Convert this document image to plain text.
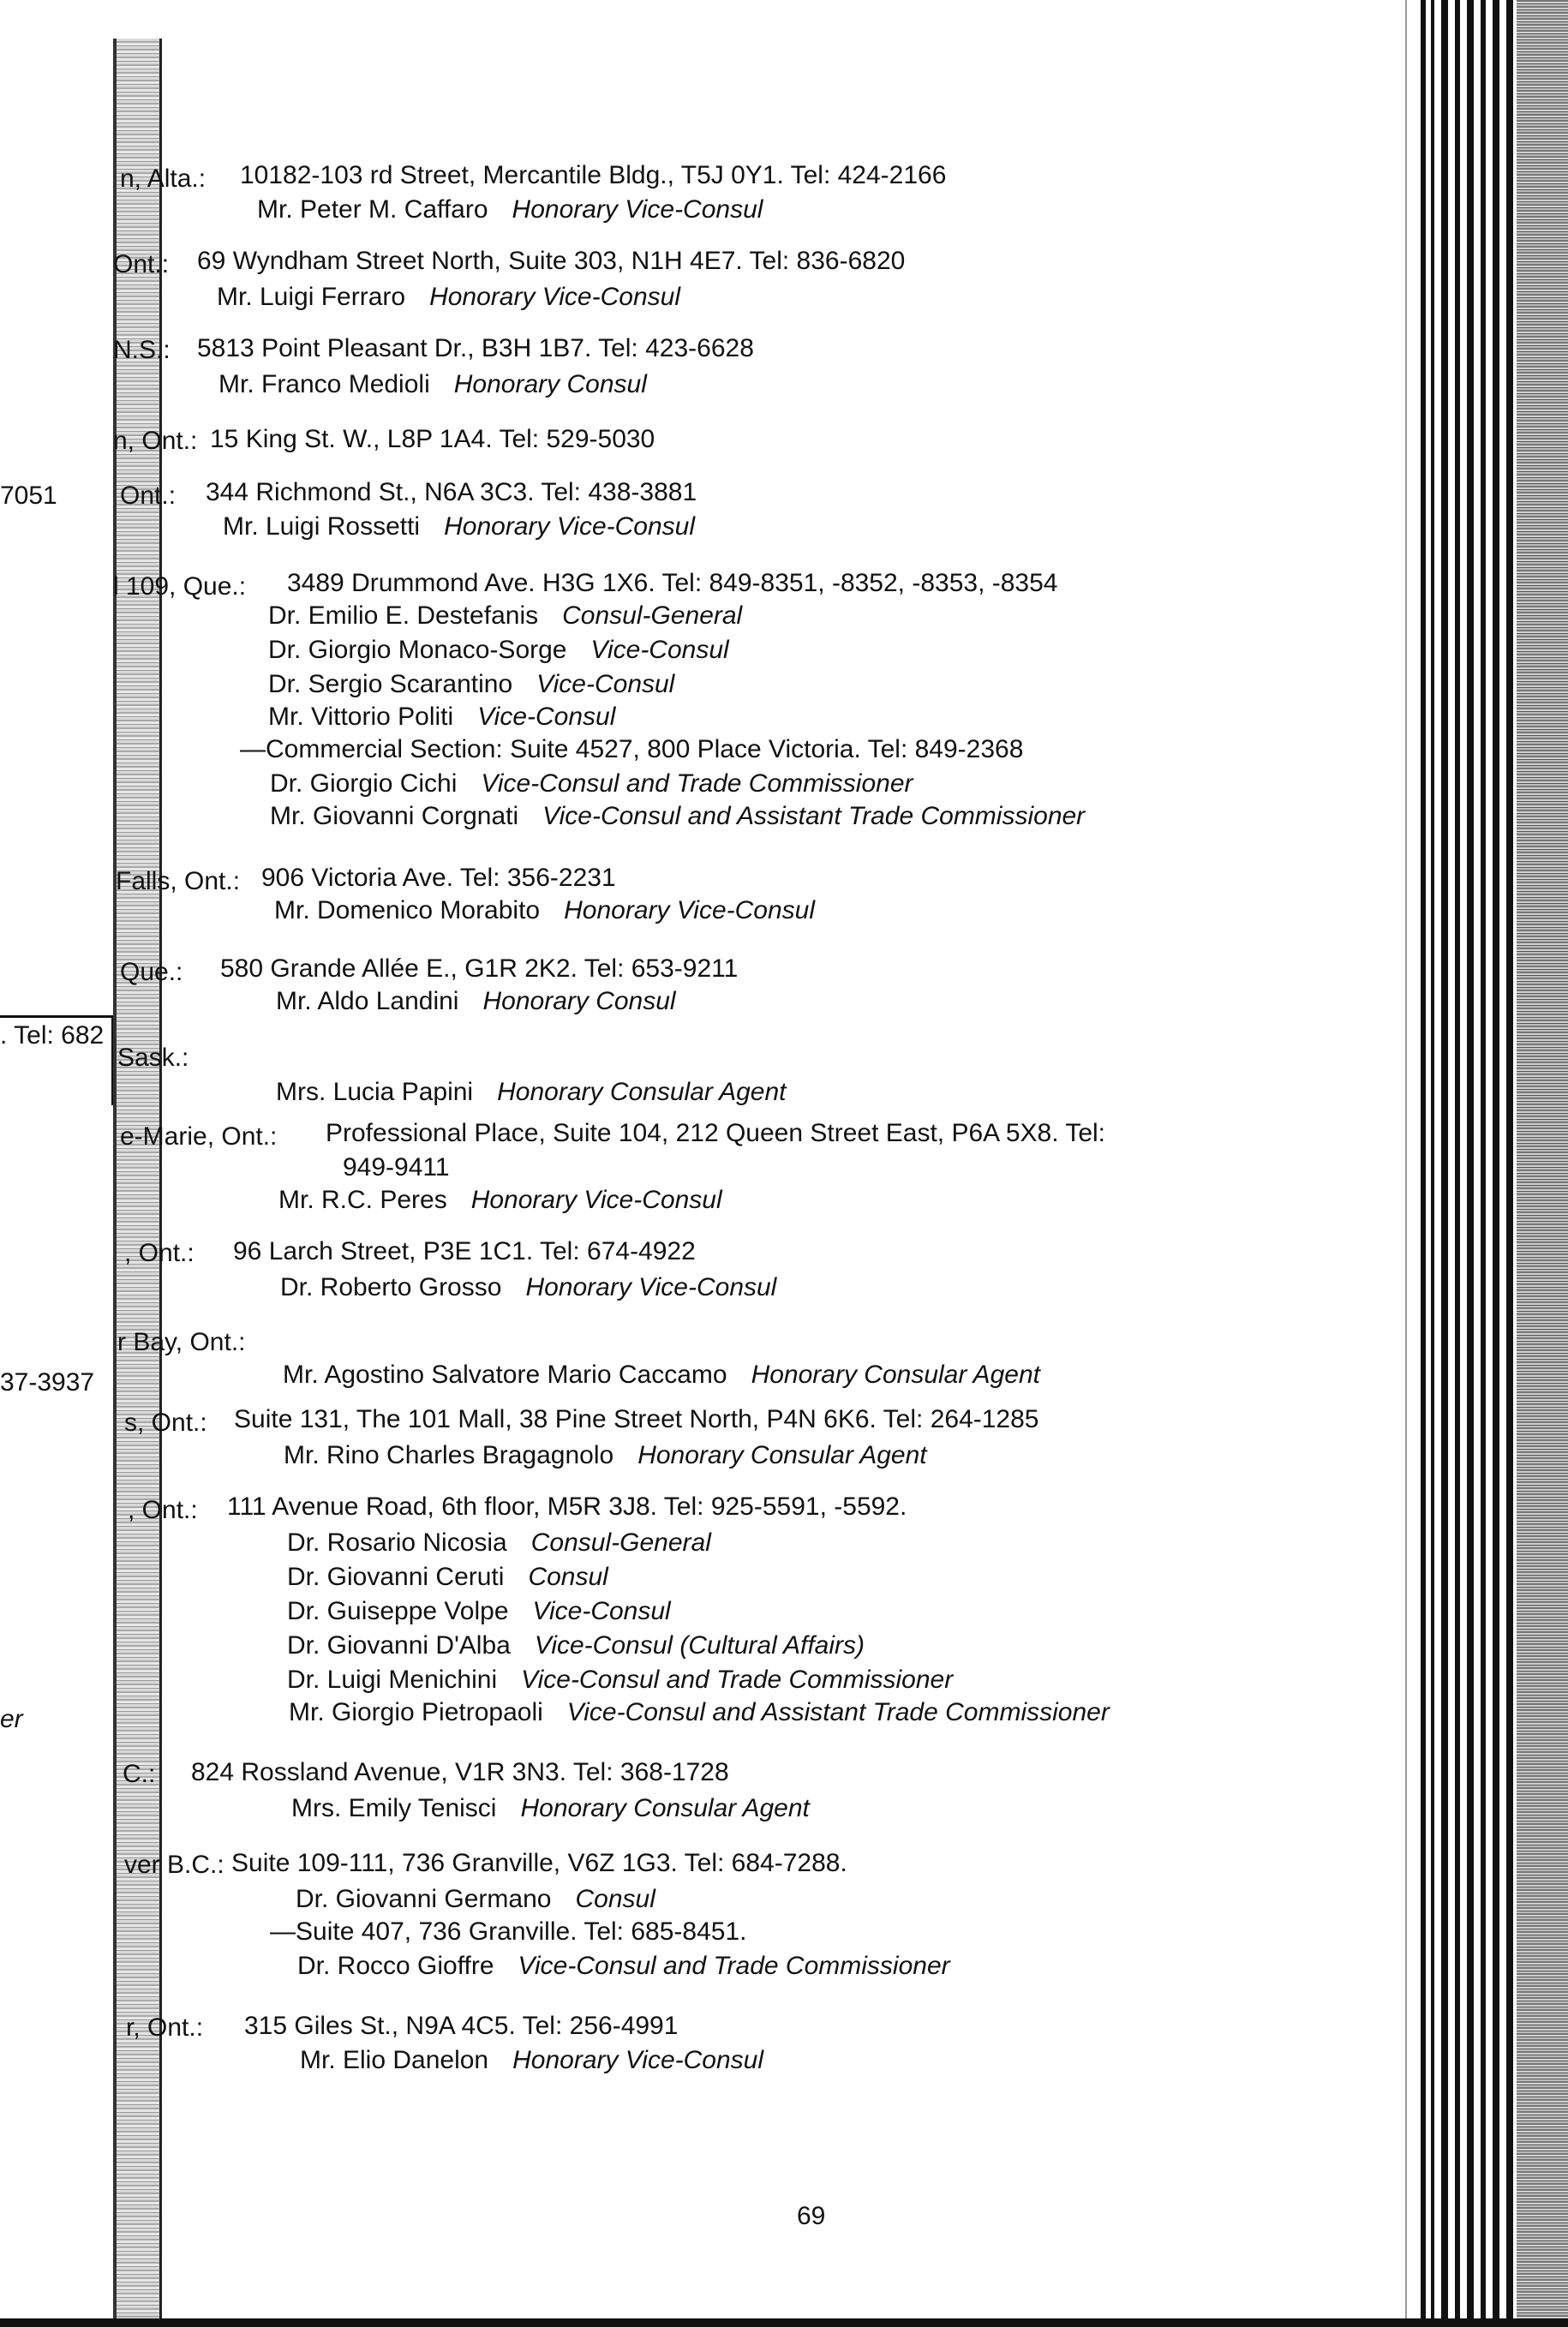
7051
. Tel: 682
37-3937
er
n, Alta.: 10182-103 rd Street, Mercantile Bldg., T5J 0Y1. Tel: 424-2166
Mr. Peter M. Caffaro Honorary Vice-Consul
Ont.: 69 Wyndham Street North, Suite 303, N1H 4E7. Tel: 836-6820
Mr. Luigi Ferraro Honorary Vice-Consul
N.S.: 5813 Point Pleasant Dr., B3H 1B7. Tel: 423-6628
Mr. Franco Medioli Honorary Consul
n, Ont.: 15 King St. W., L8P 1A4. Tel: 529-5030
Ont.: 344 Richmond St., N6A 3C3. Tel: 438-3881
Mr. Luigi Rossetti Honorary Vice-Consul
l 109, Que.: 3489 Drummond Ave. H3G 1X6. Tel: 849-8351, -8352, -8353, -8354
Dr. Emilio E. Destefanis Consul-General
Dr. Giorgio Monaco-Sorge Vice-Consul
Dr. Sergio Scarantino Vice-Consul
Mr. Vittorio Politi Vice-Consul
—Commercial Section: Suite 4527, 800 Place Victoria. Tel: 849-2368
Dr. Giorgio Cichi Vice-Consul and Trade Commissioner
Mr. Giovanni Corgnati Vice-Consul and Assistant Trade Commissioner
Falls, Ont.: 906 Victoria Ave. Tel: 356-2231
Mr. Domenico Morabito Honorary Vice-Consul
Que.: 580 Grande Allée E., G1R 2K2. Tel: 653-9211
Mr. Aldo Landini Honorary Consul
Sask.:
Mrs. Lucia Papini Honorary Consular Agent
e-Marie, Ont.: Professional Place, Suite 104, 212 Queen Street East, P6A 5X8. Tel:
949-9411
Mr. R.C. Peres Honorary Vice-Consul
, Ont.: 96 Larch Street, P3E 1C1. Tel: 674-4922
Dr. Roberto Grosso Honorary Vice-Consul
r Bay, Ont.:
Mr. Agostino Salvatore Mario Caccamo Honorary Consular Agent
s, Ont.: Suite 131, The 101 Mall, 38 Pine Street North, P4N 6K6. Tel: 264-1285
Mr. Rino Charles Bragagnolo Honorary Consular Agent
, Ont.: 111 Avenue Road, 6th floor, M5R 3J8. Tel: 925-5591, -5592.
Dr. Rosario Nicosia Consul-General
Dr. Giovanni Ceruti Consul
Dr. Guiseppe Volpe Vice-Consul
Dr. Giovanni D'Alba Vice-Consul (Cultural Affairs)
Dr. Luigi Menichini Vice-Consul and Trade Commissioner
Mr. Giorgio Pietropaoli Vice-Consul and Assistant Trade Commissioner
C.: 824 Rossland Avenue, V1R 3N3. Tel: 368-1728
Mrs. Emily Tenisci Honorary Consular Agent
ver B.C.: Suite 109-111, 736 Granville, V6Z 1G3. Tel: 684-7288.
Dr. Giovanni Germano Consul
—Suite 407, 736 Granville. Tel: 685-8451.
Dr. Rocco Gioffre Vice-Consul and Trade Commissioner
r, Ont.: 315 Giles St., N9A 4C5. Tel: 256-4991
Mr. Elio Danelon Honorary Vice-Consul
69
